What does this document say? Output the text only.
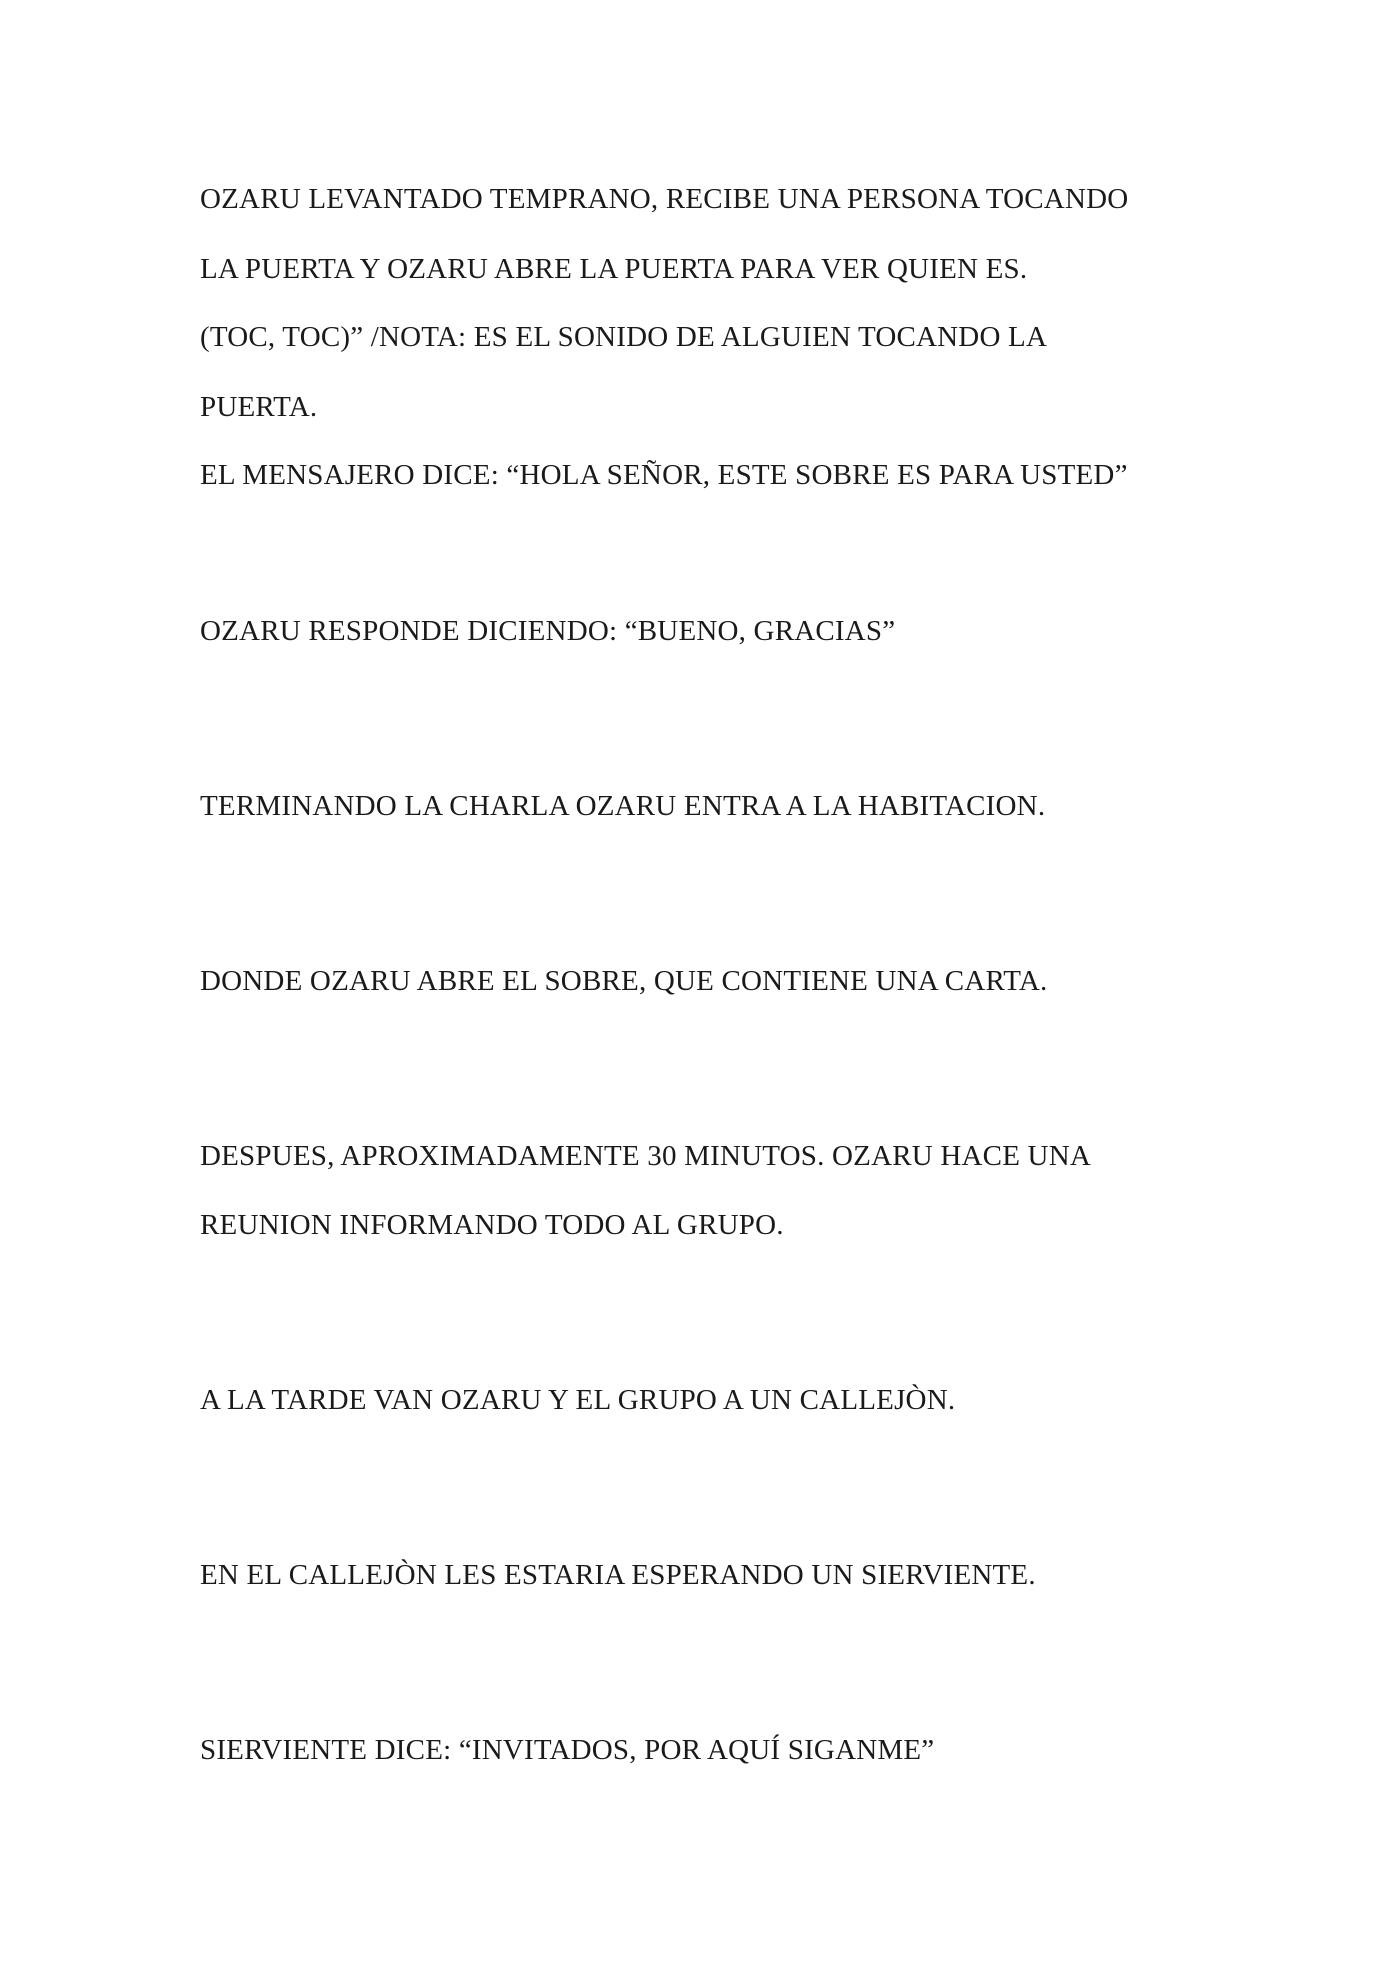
OZARU LEVANTADO TEMPRANO, RECIBE UNA PERSONA TOCANDO
LA PUERTA Y OZARU ABRE LA PUERTA PARA VER QUIEN ES.
(TOC, TOC)” /NOTA: ES EL SONIDO DE ALGUIEN TOCANDO LA
PUERTA.
EL MENSAJERO DICE: “HOLA SEÑOR, ESTE SOBRE ES PARA USTED”
OZARU RESPONDE DICIENDO: “BUENO, GRACIAS”
TERMINANDO LA CHARLA OZARU ENTRA A LA HABITACION.
DONDE OZARU ABRE EL SOBRE, QUE CONTIENE UNA CARTA.
DESPUES, APROXIMADAMENTE 30 MINUTOS. OZARU HACE UNA
REUNION INFORMANDO TODO AL GRUPO.
A LA TARDE VAN OZARU Y EL GRUPO A UN CALLEJÒN.
EN EL CALLEJÒN LES ESTARIA ESPERANDO UN SIERVIENTE.
SIERVIENTE DICE: “INVITADOS, POR AQUÍ SIGANME”
